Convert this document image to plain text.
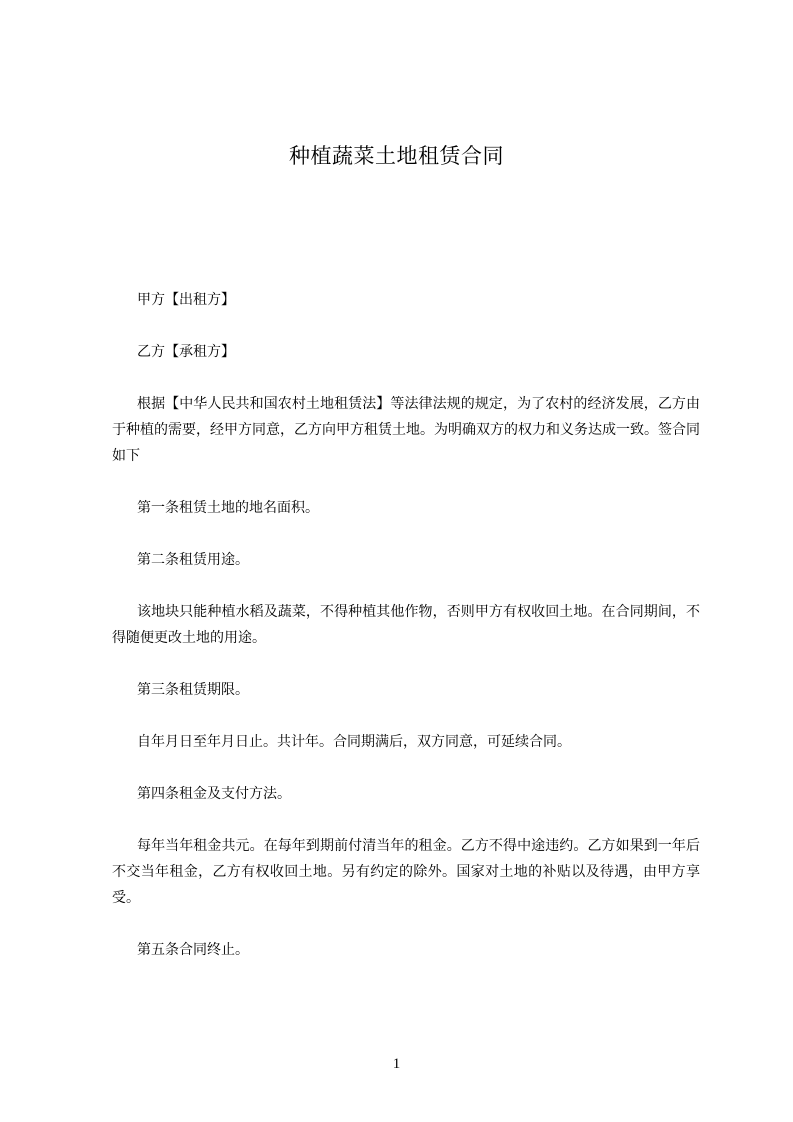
种植蔬菜土地租赁合同

甲方【出租方】

乙方【承租方】

根据【中华人民共和国农村土地租赁法】等法律法规的规定，为了农村的经济发展，乙方由于种植的需要，经甲方同意，乙方向甲方租赁土地。为明确双方的权力和义务达成一致。签合同如下

第一条租赁土地的地名面积。

第二条租赁用途。

该地块只能种植水稻及蔬菜，不得种植其他作物，否则甲方有权收回土地。在合同期间，不得随便更改土地的用途。

第三条租赁期限。

自年月日至年月日止。共计年。合同期满后，双方同意，可延续合同。

第四条租金及支付方法。

每年当年租金共元。在每年到期前付清当年的租金。乙方不得中途违约。乙方如果到一年后不交当年租金，乙方有权收回土地。另有约定的除外。国家对土地的补贴以及待遇，由甲方享受。

第五条合同终止。

1
